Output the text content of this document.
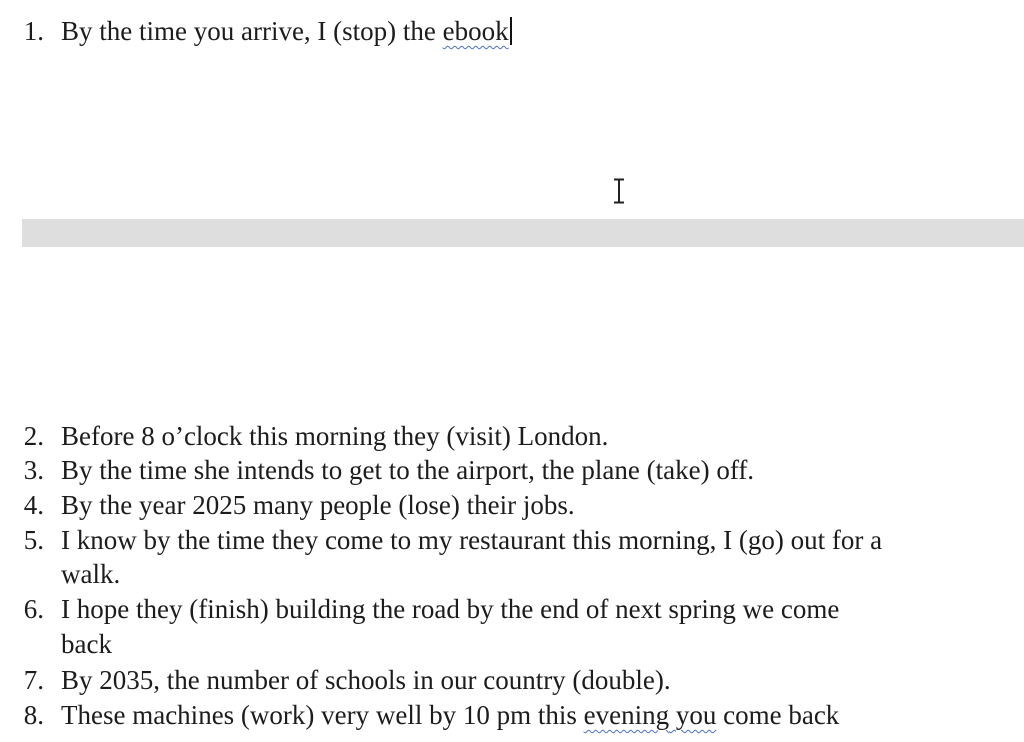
1. By the time you arrive, I (stop) the ebook
2. Before 8 o’clock this morning they (visit) London.
3. By the time she intends to get to the airport, the plane (take) off.
4. By the year 2025 many people (lose) their jobs.
5. I know by the time they come to my restaurant this morning, I (go) out for a
walk.
6. I hope they (finish) building the road by the end of next spring we come
back
7. By 2035, the number of schools in our country (double).
8. These machines (work) very well by 10 pm this evening you come back
